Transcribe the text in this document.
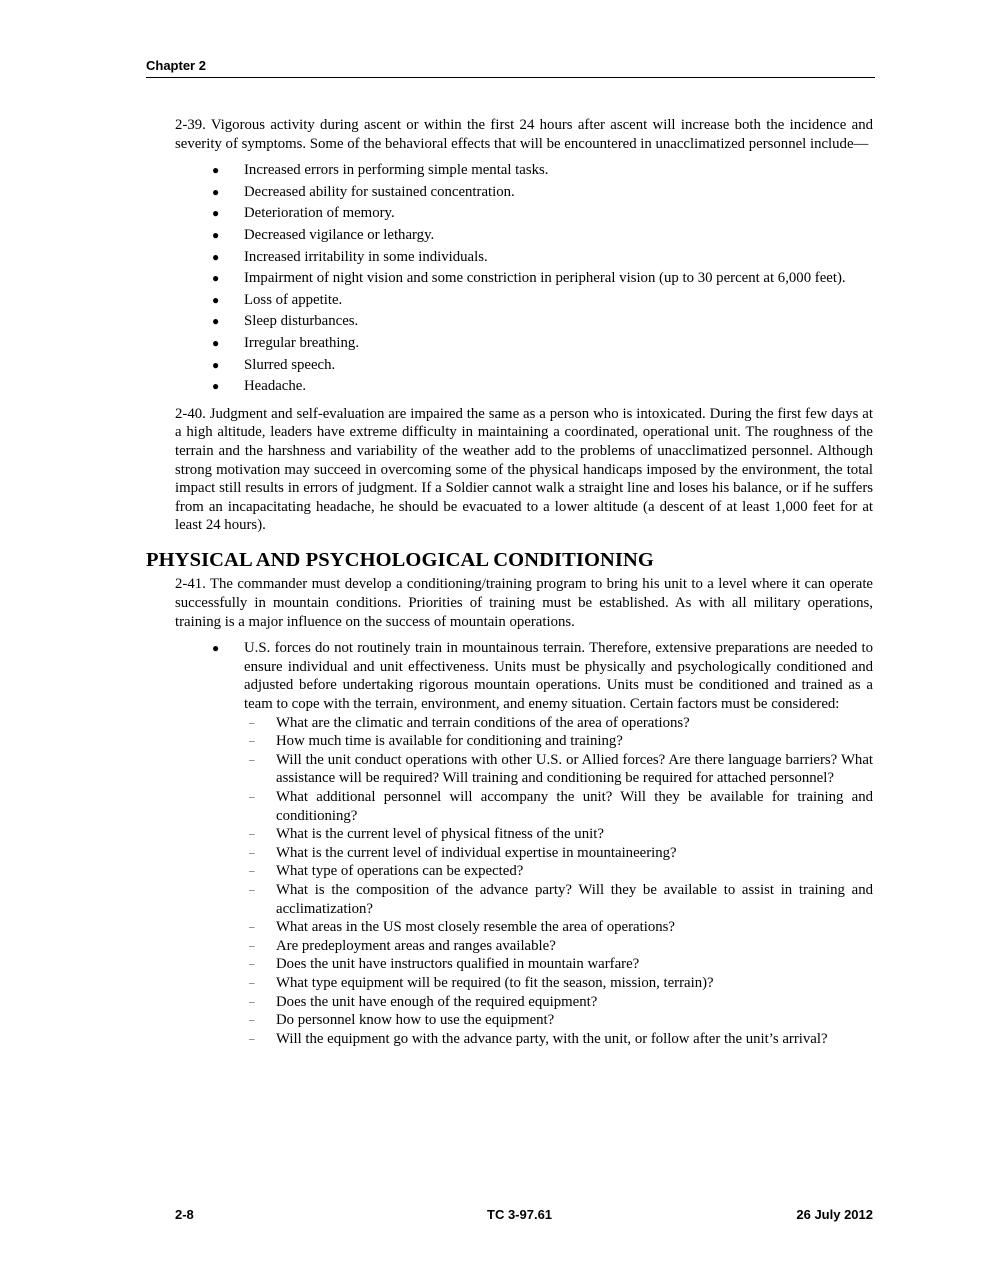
Chapter 2

2-39. Vigorous activity during ascent or within the first 24 hours after ascent will increase both the incidence and severity of symptoms. Some of the behavioral effects that will be encountered in unacclimatized personnel include—

● Increased errors in performing simple mental tasks.
● Decreased ability for sustained concentration.
● Deterioration of memory.
● Decreased vigilance or lethargy.
● Increased irritability in some individuals.
● Impairment of night vision and some constriction in peripheral vision (up to 30 percent at 6,000 feet).
● Loss of appetite.
● Sleep disturbances.
● Irregular breathing.
● Slurred speech.
● Headache.

2-40. Judgment and self-evaluation are impaired the same as a person who is intoxicated. During the first few days at a high altitude, leaders have extreme difficulty in maintaining a coordinated, operational unit. The roughness of the terrain and the harshness and variability of the weather add to the problems of unacclimatized personnel. Although strong motivation may succeed in overcoming some of the physical handicaps imposed by the environment, the total impact still results in errors of judgment. If a Soldier cannot walk a straight line and loses his balance, or if he suffers from an incapacitating headache, he should be evacuated to a lower altitude (a descent of at least 1,000 feet for at least 24 hours).

PHYSICAL AND PSYCHOLOGICAL CONDITIONING

2-41. The commander must develop a conditioning/training program to bring his unit to a level where it can operate successfully in mountain conditions. Priorities of training must be established. As with all military operations, training is a major influence on the success of mountain operations.

● U.S. forces do not routinely train in mountainous terrain. Therefore, extensive preparations are needed to ensure individual and unit effectiveness. Units must be physically and psychologically conditioned and adjusted before undertaking rigorous mountain operations. Units must be conditioned and trained as a team to cope with the terrain, environment, and enemy situation. Certain factors must be considered:
– What are the climatic and terrain conditions of the area of operations?
– How much time is available for conditioning and training?
– Will the unit conduct operations with other U.S. or Allied forces? Are there language barriers? What assistance will be required? Will training and conditioning be required for attached personnel?
– What additional personnel will accompany the unit? Will they be available for training and conditioning?
– What is the current level of physical fitness of the unit?
– What is the current level of individual expertise in mountaineering?
– What type of operations can be expected?
– What is the composition of the advance party? Will they be available to assist in training and acclimatization?
– What areas in the US most closely resemble the area of operations?
– Are predeployment areas and ranges available?
– Does the unit have instructors qualified in mountain warfare?
– What type equipment will be required (to fit the season, mission, terrain)?
– Does the unit have enough of the required equipment?
– Do personnel know how to use the equipment?
– Will the equipment go with the advance party, with the unit, or follow after the unit’s arrival?
2-8	TC 3-97.61	26 July 2012
